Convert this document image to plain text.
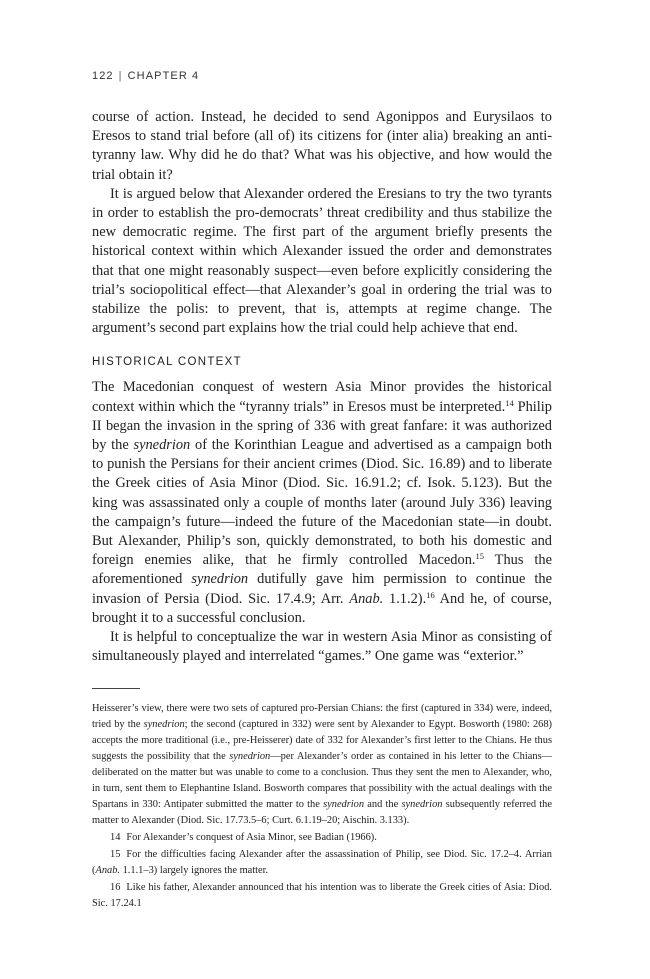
122 | CHAPTER 4

course of action. Instead, he decided to send Agonippos and Eurysilaos to Eresos to stand trial before (all of) its citizens for (inter alia) breaking an anti-tyranny law. Why did he do that? What was his objective, and how would the trial obtain it?

It is argued below that Alexander ordered the Eresians to try the two tyrants in order to establish the pro-democrats’ threat credibility and thus stabilize the new democratic regime. The first part of the argument briefly presents the historical context within which Alexander issued the order and demonstrates that that one might reasonably suspect—even before explicitly considering the trial’s sociopolitical effect—that Alexander’s goal in ordering the trial was to stabilize the polis: to prevent, that is, attempts at regime change. The argument’s second part explains how the trial could help achieve that end.

HISTORICAL CONTEXT

The Macedonian conquest of western Asia Minor provides the historical context within which the “tyranny trials” in Eresos must be interpreted.$^{14}$ Philip II began the invasion in the spring of 336 with great fanfare: it was authorized by the synedrion of the Korinthian League and advertised as a campaign both to punish the Persians for their ancient crimes (Diod. Sic. 16.89) and to liberate the Greek cities of Asia Minor (Diod. Sic. 16.91.2; cf. Isok. 5.123). But the king was assassinated only a couple of months later (around July 336) leaving the campaign’s future—indeed the future of the Macedonian state—in doubt. But Alexander, Philip’s son, quickly demonstrated, to both his domestic and foreign enemies alike, that he firmly controlled Macedon.$^{15}$ Thus the aforementioned synedrion dutifully gave him permission to continue the invasion of Persia (Diod. Sic. 17.4.9; Arr. Anab. 1.1.2).$^{16}$ And he, of course, brought it to a successful conclusion.

It is helpful to conceptualize the war in western Asia Minor as consisting of simultaneously played and interrelated “games.” One game was “exterior.”

Heisserer’s view, there were two sets of captured pro-Persian Chians: the first (captured in 334) were, indeed, tried by the synedrion; the second (captured in 332) were sent by Alexander to Egypt. Bosworth (1980: 268) accepts the more traditional (i.e., pre-Heisserer) date of 332 for Alexander’s first letter to the Chians. He thus suggests the possibility that the synedrion—per Alexander’s order as contained in his letter to the Chians—deliberated on the matter but was unable to come to a conclusion. Thus they sent the men to Alexander, who, in turn, sent them to Elephantine Island. Bosworth compares that possibility with the actual dealings with the Spartans in 330: Antipater submitted the matter to the synedrion and the synedrion subsequently referred the matter to Alexander (Diod. Sic. 17.73.5–6; Curt. 6.1.19–20; Aischin. 3.133).

14 For Alexander’s conquest of Asia Minor, see Badian (1966).

15 For the difficulties facing Alexander after the assassination of Philip, see Diod. Sic. 17.2–4. Arrian (Anab. 1.1.1–3) largely ignores the matter.

16 Like his father, Alexander announced that his intention was to liberate the Greek cities of Asia: Diod. Sic. 17.24.1
